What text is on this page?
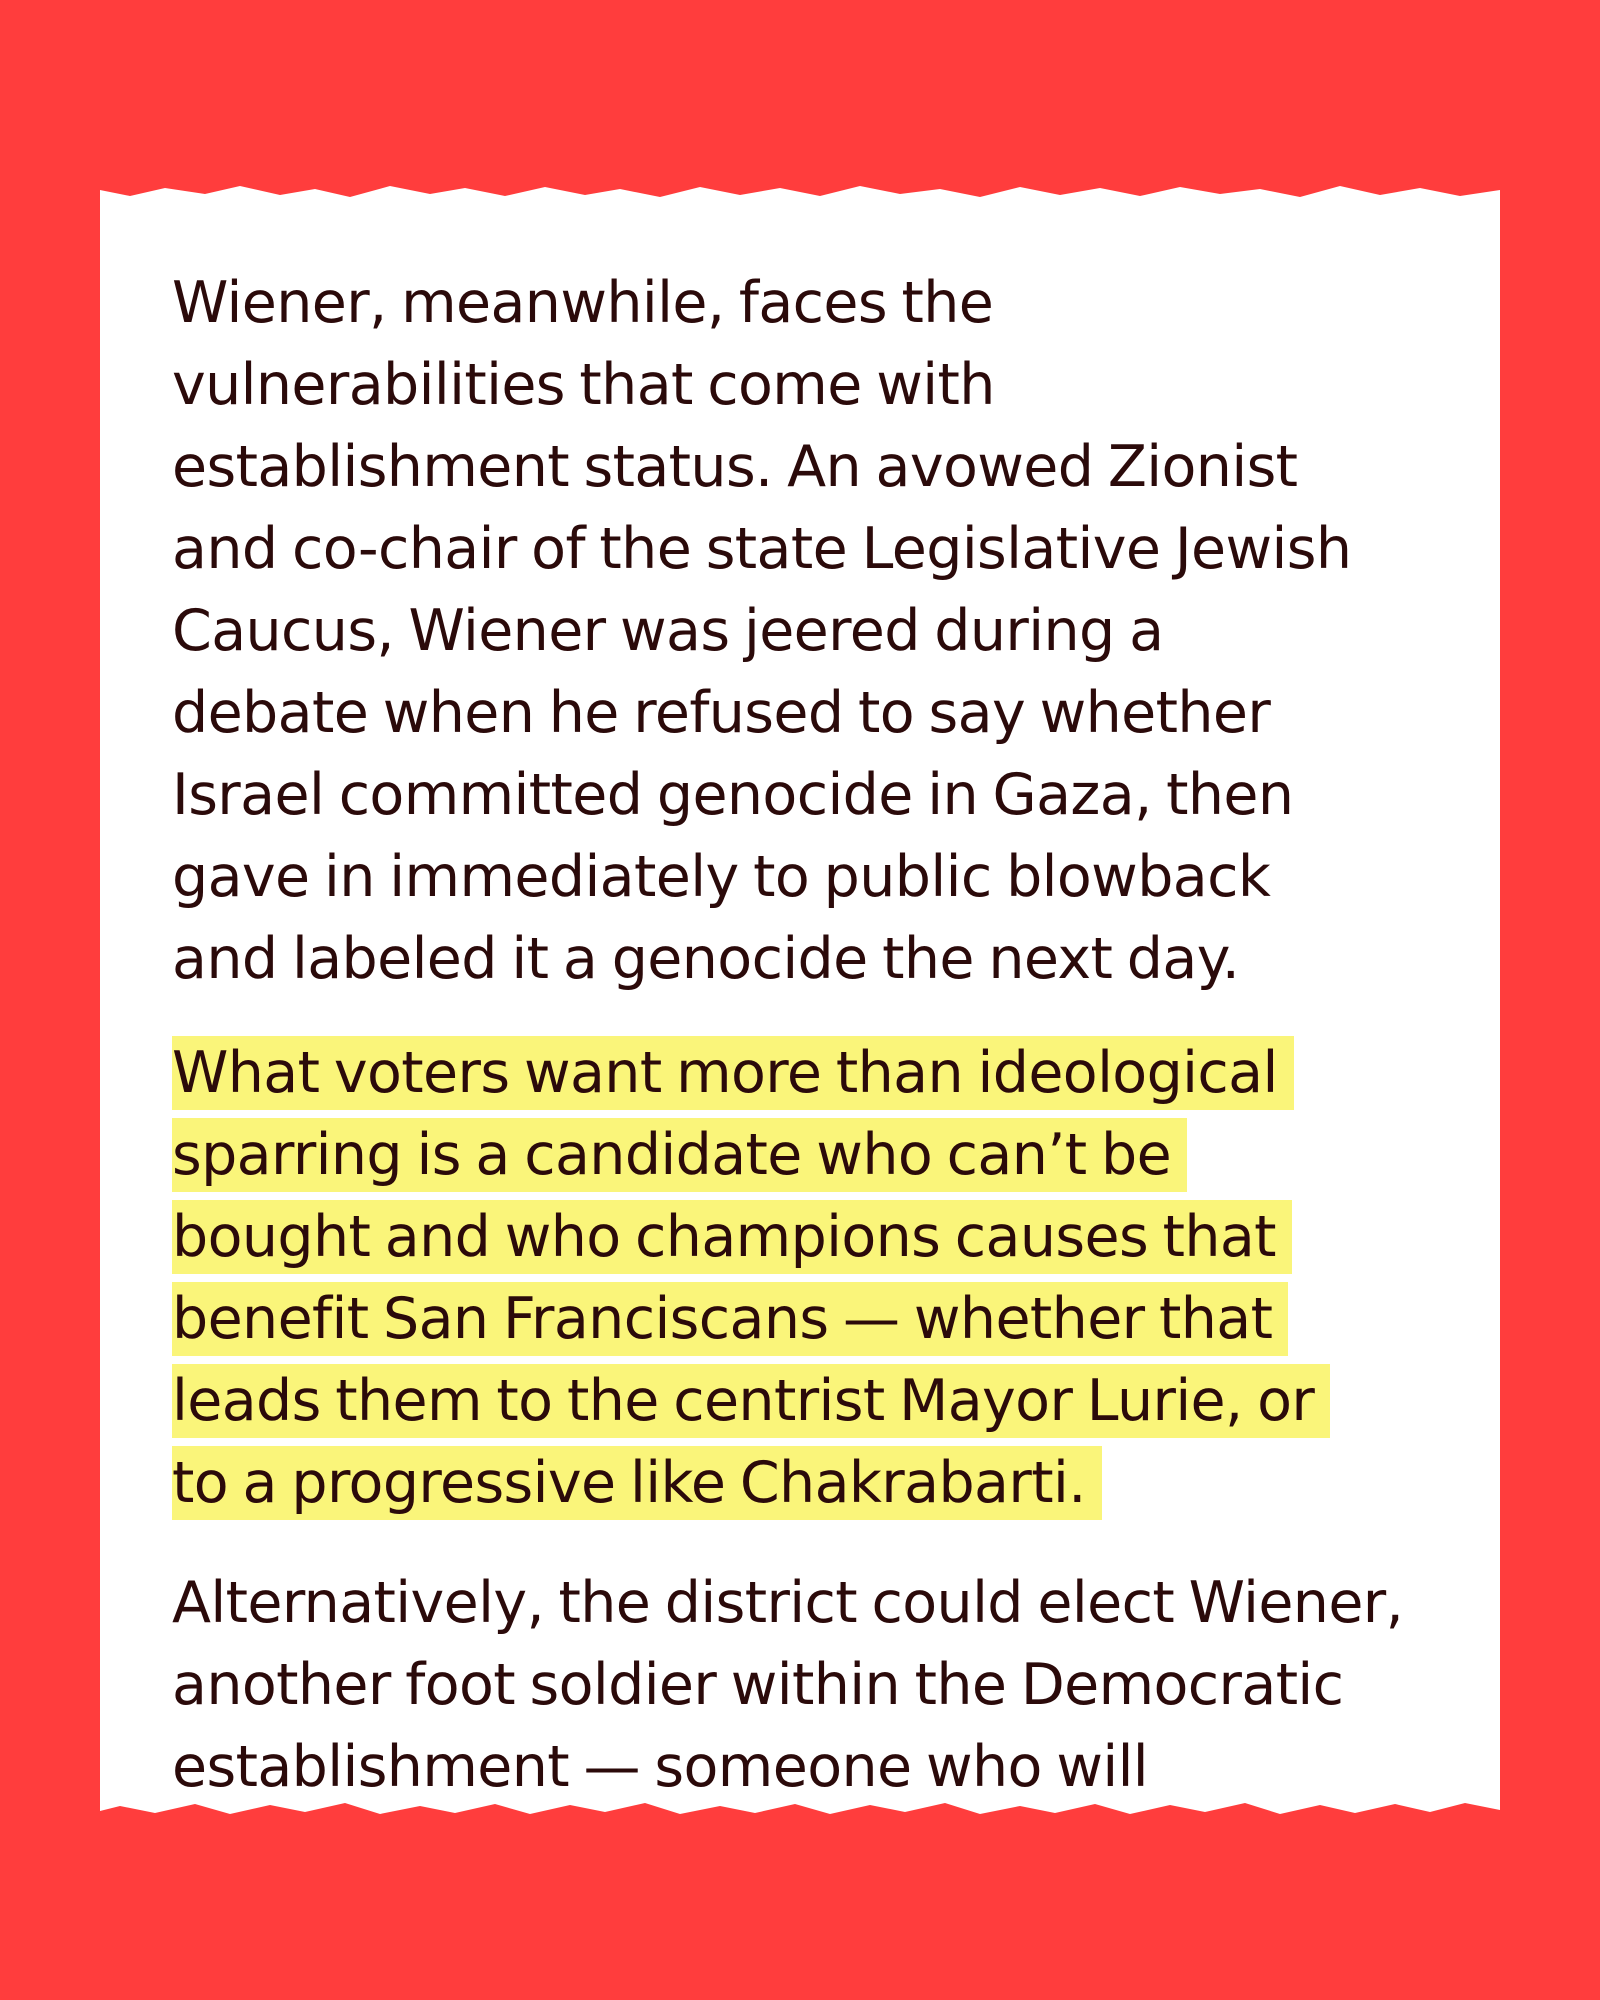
Wiener, meanwhile, faces the
vulnerabilities that come with
establishment status. An avowed Zionist
and co-chair of the state Legislative Jewish
Caucus, Wiener was jeered during a
debate when he refused to say whether
Israel committed genocide in Gaza, then
gave in immediately to public blowback
and labeled it a genocide the next day.
What voters want more than ideological
sparring is a candidate who can’t be
bought and who champions causes that
benefit San Franciscans — whether that
leads them to the centrist Mayor Lurie, or
to a progressive like Chakrabarti.
Alternatively, the district could elect Wiener,
another foot soldier within the Democratic
establishment — someone who will
